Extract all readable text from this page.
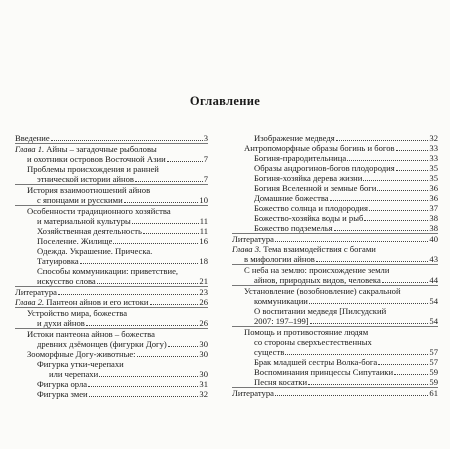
Оглавление
Введение	3
Глава 1. Айны – загадочные рыболовы
и охотники островов Восточной Азии	7
Проблемы происхождения и ранней
этнической истории айнов	7
История взаимоотношений айнов
с японцами и русскими	10
Особенности традиционного хозяйства
и материальной культуры	11
Хозяйственная деятельность	11
Поселение. Жилище	16
Одежда. Украшение. Прическа.
Татуировка	18
Способы коммуникации: приветствие,
искусство слова	21
Литература	23
Глава 2. Пантеон айнов и его истоки	26
Устройство мира, божества
и духи айнов	26
Истоки пантеона айнов – божества
древних дзёмонцев (фигурки Догу)	30
Зооморфные Догу-животные:	30
Фигурка утки-черепахи
или черепахи	30
Фигурка орла	31
Фигурка змеи	32
Изображение медведя	32
Антропоморфные образы богинь и богов	33
Богиня-прародительница	33
Образы андрогинов-богов плодородия	35
Богиня-хозяйка дерева жизни	35
Богиня Вселенной и земные боги	36
Домашние божества	36
Божество солнца и плодородия	37
Божество-хозяйка воды и рыб	38
Божество подземелья	38
Литература	40
Глава 3. Тема взаимодействия с богами
в мифологии айнов	43
С неба на землю: происхождение земли
айнов, природных видов, человека	44
Установление (возобновление) сакральной
коммуникации	54
О воспитании медведя [Пилсудский
2007: 197–199]	54
Помощь и противостояние людям
со стороны сверхъестественных
существ	57
Брак младшей сестры Волка-бога	57
Воспоминания принцессы Сипутаики	59
Песня косатки	59
Литература	61
